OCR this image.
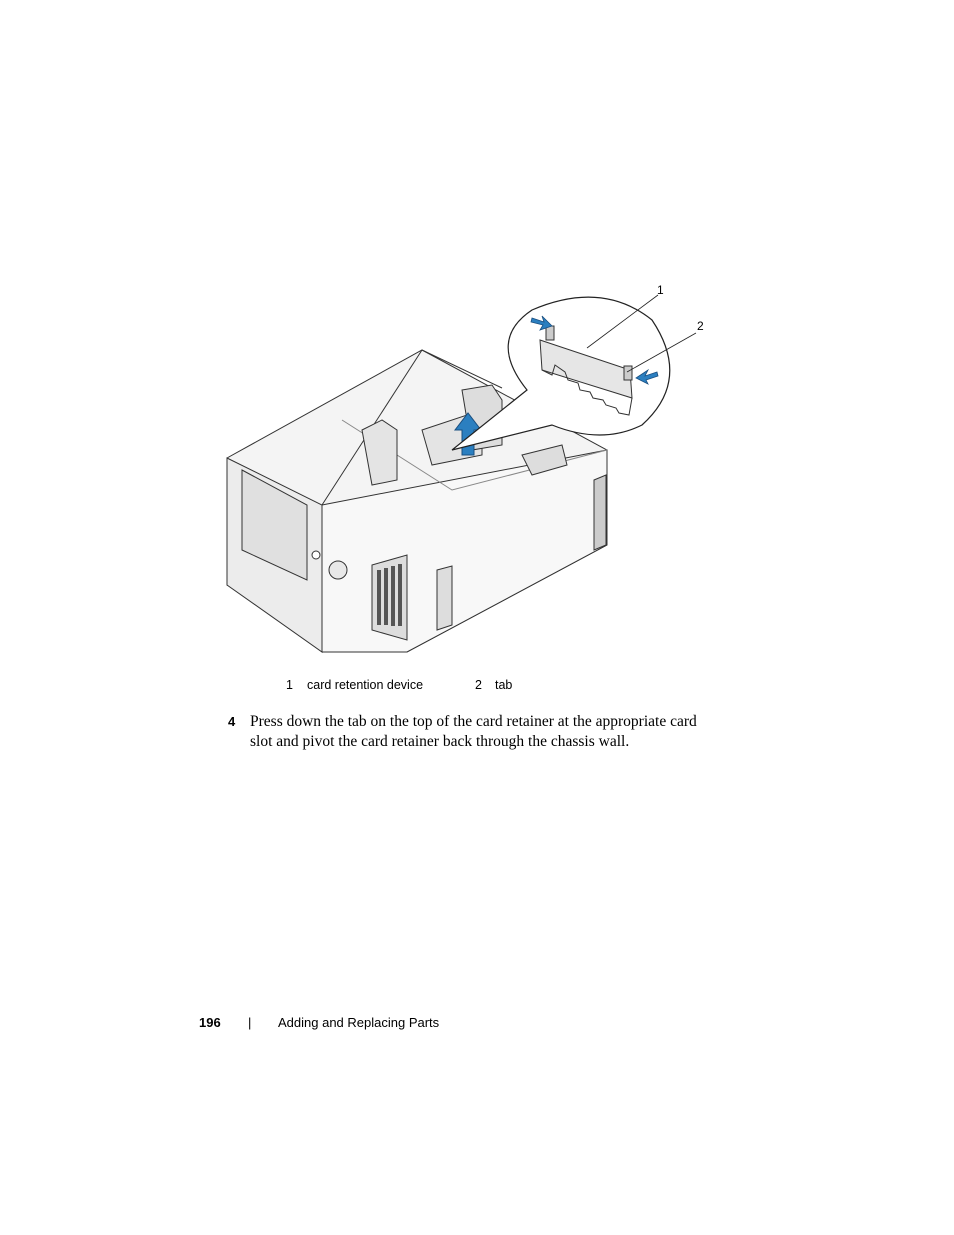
1
2
1 card retention device	2 tab
4 Press down the tab on the top of the card retainer at the appropriate card slot and pivot the card retainer back through the chassis wall.
196 | Adding and Replacing Parts
